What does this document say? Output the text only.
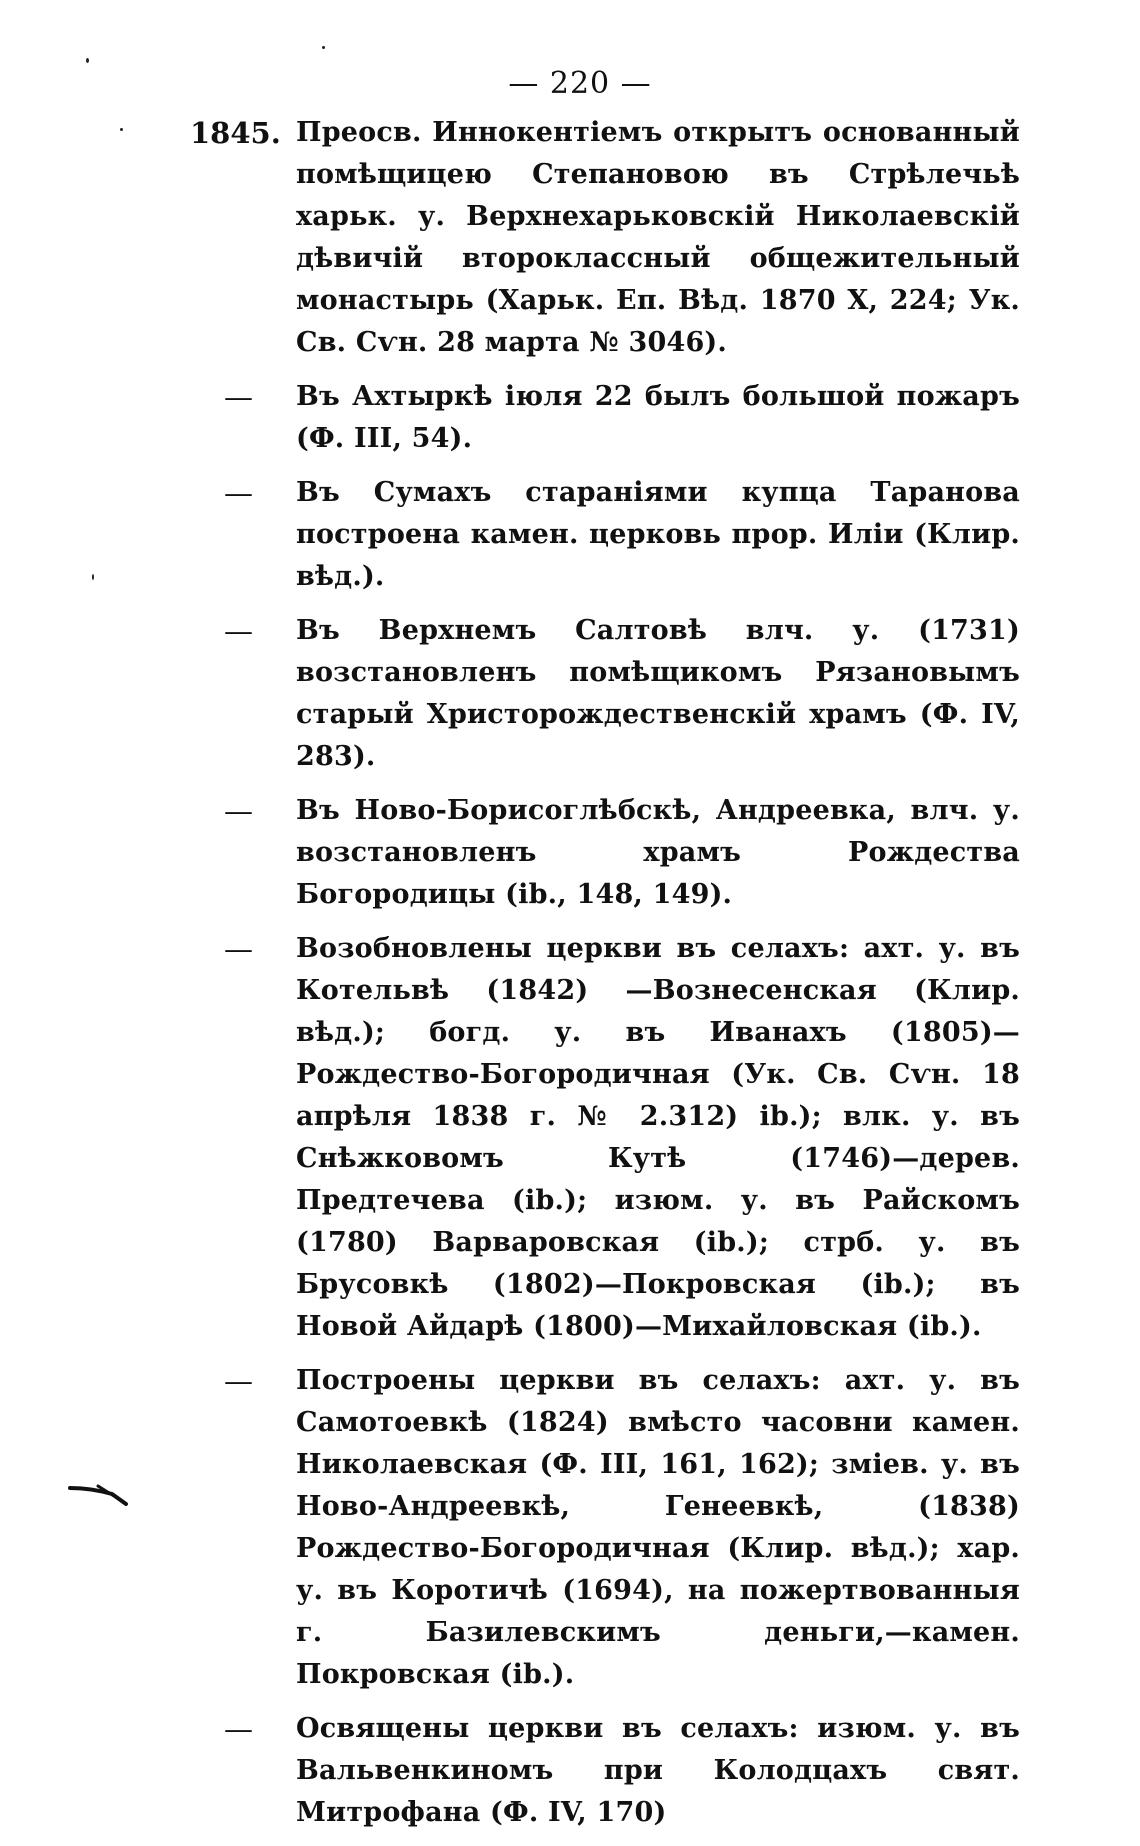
— 220 —
1845. Преосв. Иннокентіемъ открытъ основанный помѣщицею Степановою въ Стрѣлечьѣ харьк. у. Верхнехарьковскій Николаевскій дѣвичій второклассный общежительный монастырь (Харьк. Еп. Вѣд. 1870 X, 224; Ук. Св. Сѵн. 28 марта № 3046).
—	Въ Ахтыркѣ іюля 22 былъ большой пожаръ (Ф. III, 54).
—	Въ Сумахъ стараніями купца Таранова построена камен. церковь прор. Иліи (Клир. вѣд.).
—	Въ Верхнемъ Салтовѣ влч. у. (1731) возстановленъ помѣщикомъ Рязановымъ старый Христорождественскій храмъ (Ф. IV, 283).
—	Въ Ново-Борисоглѣбскѣ, Андреевка, влч. у. возстановленъ храмъ Рождества Богородицы (ib., 148, 149).
—	Возобновлены церкви въ селахъ: ахт. у. въ Котельвѣ (1842) —Вознесенская (Клир. вѣд.); богд. у. въ Иванахъ (1805)—Рождество-Богородичная (Ук. Св. Сѵн. 18 апрѣля 1838 г. № 2.312) ib.); влк. у. въ Снѣжковомъ Кутѣ (1746)—дерев. Предтечева (ib.); изюм. у. въ Райскомъ (1780) Варваровская (ib.); стрб. у. въ Брусовкѣ (1802)—Покровская (ib.); въ Новой Айдарѣ (1800)—Михайловская (ib.).
—	Построены церкви въ селахъ: ахт. у. въ Самотоевкѣ (1824) вмѣсто часовни камен. Николаевская (Ф. III, 161, 162); зміев. у. въ Ново-Андреевкѣ, Генеевкѣ, (1838) Рождество-Богородичная (Клир. вѣд.); хар. у. въ Коротичѣ (1694), на пожертвованныя г. Базилевскимъ деньги,—камен. Покровская (ib.).
—	Освящены церкви въ селахъ: изюм. у. въ Вальвенкиномъ при Колодцахъ свят. Митрофана (Ф. IV, 170)
